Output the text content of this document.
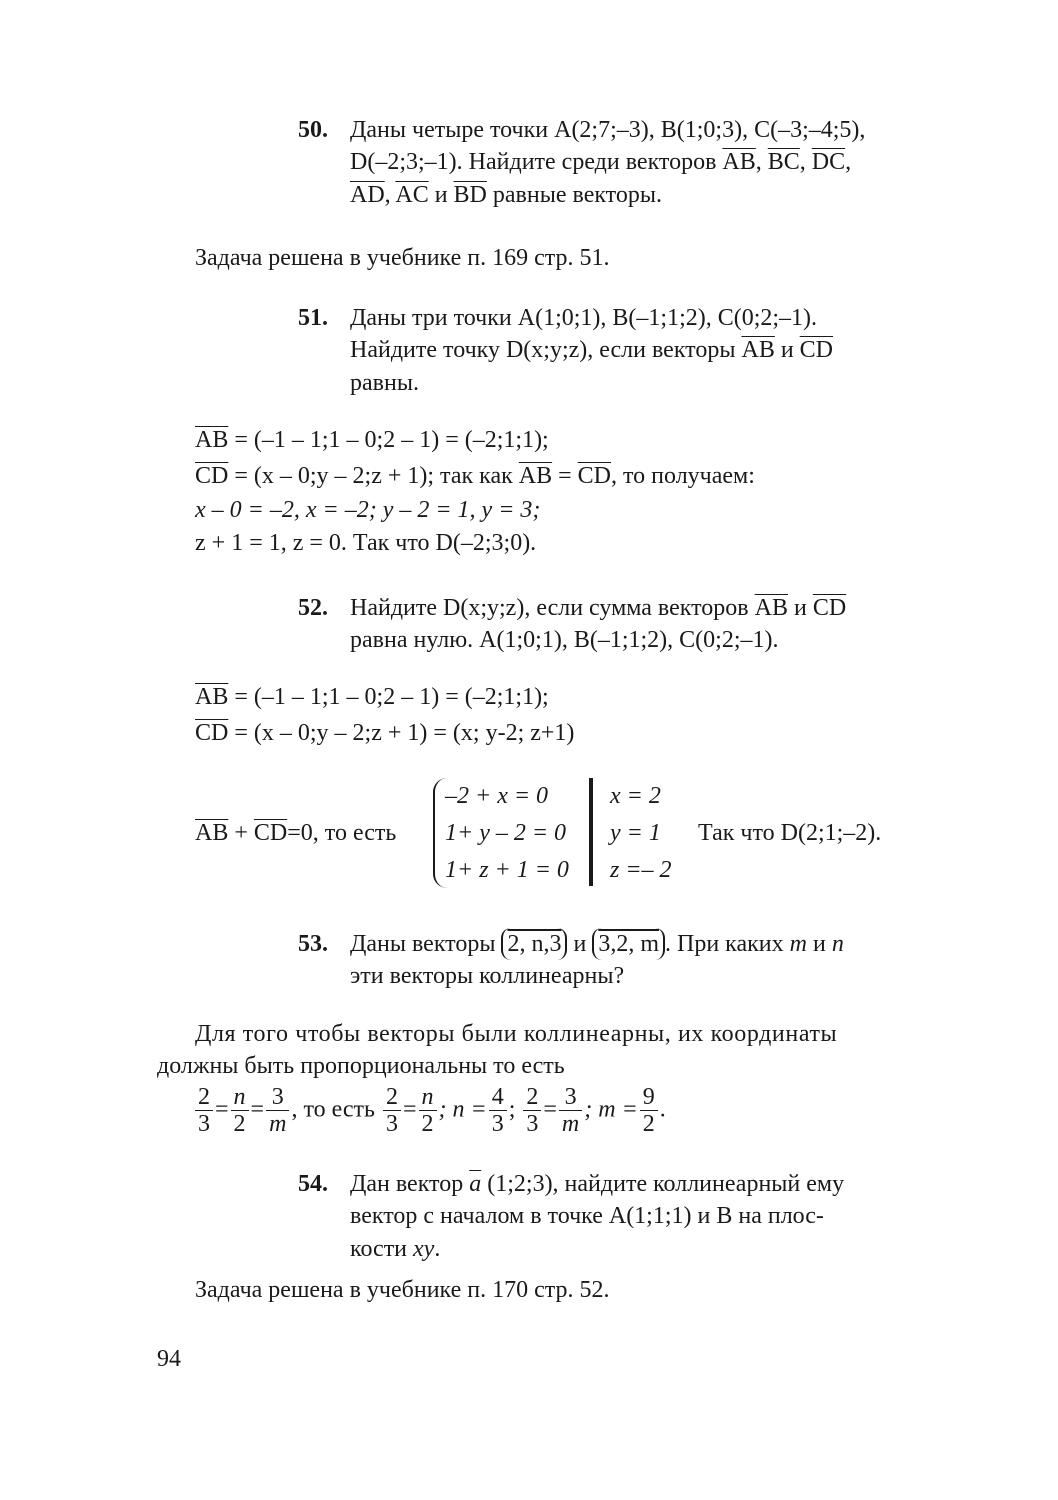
50. Даны четыре точки A(2;7;–3), B(1;0;3), C(–3;–4;5),
D(–2;3;–1). Найдите среди векторов $\overline{AB}$, $\overline{BC}$, $\overline{DC}$,
$\overline{AD}$, $\overline{AC}$ и $\overline{BD}$ равные векторы.
Задача решена в учебнике п. 169 стр. 51.
51. Даны три точки A(1;0;1), B(–1;1;2), C(0;2;–1).
Найдите точку D(x;y;z), если векторы $\overline{AB}$ и $\overline{CD}$
равны.
$\overline{AB} = (-1$ – 1;1 – 0;2 – 1) = (–2;1;1);
$\overline{CD} = (x$ – 0;y – 2;z + 1); так как $\overline{AB} = \overline{CD}$, то получаем:
x – 0 = –2, x = –2; y – 2 = 1, y = 3;
z + 1 = 1, z = 0. Так что D(–2;3;0).
52. Найдите D(x;y;z), если сумма векторов $\overline{AB}$ и $\overline{CD}$
равна нулю. A(1;0;1), B(–1;1;2), C(0;2;–1).
$\overline{AB} = (-1$ – 1;1 – 0;2 – 1) = (–2;1;1);
$\overline{CD} = (x$ – 0;y – 2;z + 1) = (x; y-2; z+1)
$\overline{AB} + \overline{CD}=0$, то есть
–2 + x = 0
1+ y – 2 = 0
1+ z + 1 = 0
x = 2
y = 1
z =– 2
Так что D(2;1;–2).
53. Даны векторы 2, n,3 и 3,2, m . При каких m и n
эти векторы коллинеарны?
Для того чтобы векторы были коллинеарны, их координаты
должны быть пропорциональны то есть
$\frac{2}{3} = \frac{n}{2} = \frac{3}{m}$ , то есть $\frac{2}{3} = \frac{n}{2}$ ; $n = \frac{4}{3}$ ; $\frac{2}{3} = \frac{3}{m}$ ; $m = \frac{9}{2}$ .
54. Дан вектор $\overline{a}$ (1;2;3), найдите коллинеарный ему
вектор с началом в точке A(1;1;1) и B на плос-
кости xy.
Задача решена в учебнике п. 170 стр. 52.
94
